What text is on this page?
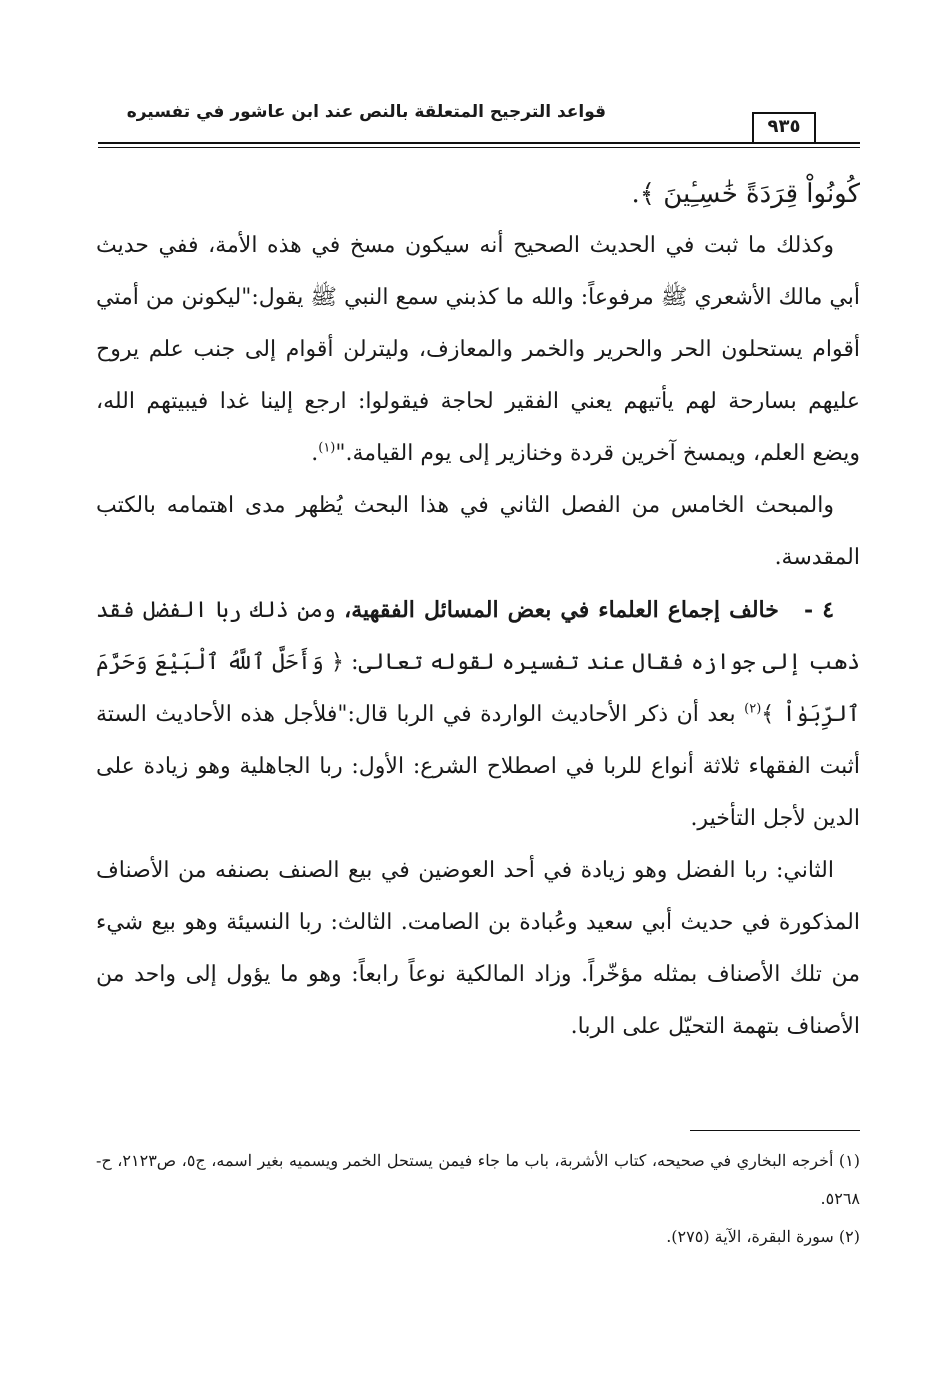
قواعد الترجيح المتعلقة بالنص عند ابن عاشور في تفسيره
٩٣٥

كُونُواْ قِرَدَةً خَٰسِـِٔينَ ﴾.

وكذلك ما ثبت في الحديث الصحيح أنه سيكون مسخ في هذه الأمة، ففي حديث أبي مالك الأشعري ﷺ مرفوعاً: والله ما كذبني سمع النبي ﷺ يقول:"ليكونن من أمتي أقوام يستحلون الحر والحرير والخمر والمعازف، وليترلن أقوام إلى جنب علم يروح عليهم بسارحة لهم يأتيهم يعني الفقير لحاجة فيقولوا: ارجع إلينا غدا فيبيتهم الله، ويضع العلم، ويمسخ آخرين قردة وخنازير إلى يوم القيامة."$^{(١)}$.

والمبحث الخامس من الفصل الثاني في هذا البحث يُظهر مدى اهتمامه بالكتب المقدسة.

٤ -   خالف إجماع العلماء في بعض المسائل الفقهية، ومن ذلك ربا الفضل فقد ذهب إلى جوازه فقال عند تفسيره لقوله تعالى: ﴿ وَأَحَلَّ ٱللَّهُ ٱلْبَيْعَ وَحَرَّمَ ٱلرِّبَوٰاْ ﴾$^{(٢)}$ بعد أن ذكر الأحاديث الواردة في الربا قال:"فلأجل هذه الأحاديث الستة أثبت الفقهاء ثلاثة أنواع للربا في اصطلاح الشرع: الأول: ربا الجاهلية وهو زيادة على الدين لأجل التأخير.

الثاني: ربا الفضل وهو زيادة في أحد العوضين في بيع الصنف بصنفه من الأصناف المذكورة في حديث أبي سعيد وعُبادة بن الصامت. الثالث: ربا النسيئة وهو بيع شيء من تلك الأصناف بمثله مؤخّراً. وزاد المالكية نوعاً رابعاً: وهو ما يؤول إلى واحد من الأصناف بتهمة التحيّل على الربا.

(١) أخرجه البخاري في صحيحه، كتاب الأشربة، باب ما جاء فيمن يستحل الخمر ويسميه بغير اسمه، ج٥، ص٢١٢٣، ح- ٥٢٦٨.

(٢) سورة البقرة، الآية (٢٧٥).
